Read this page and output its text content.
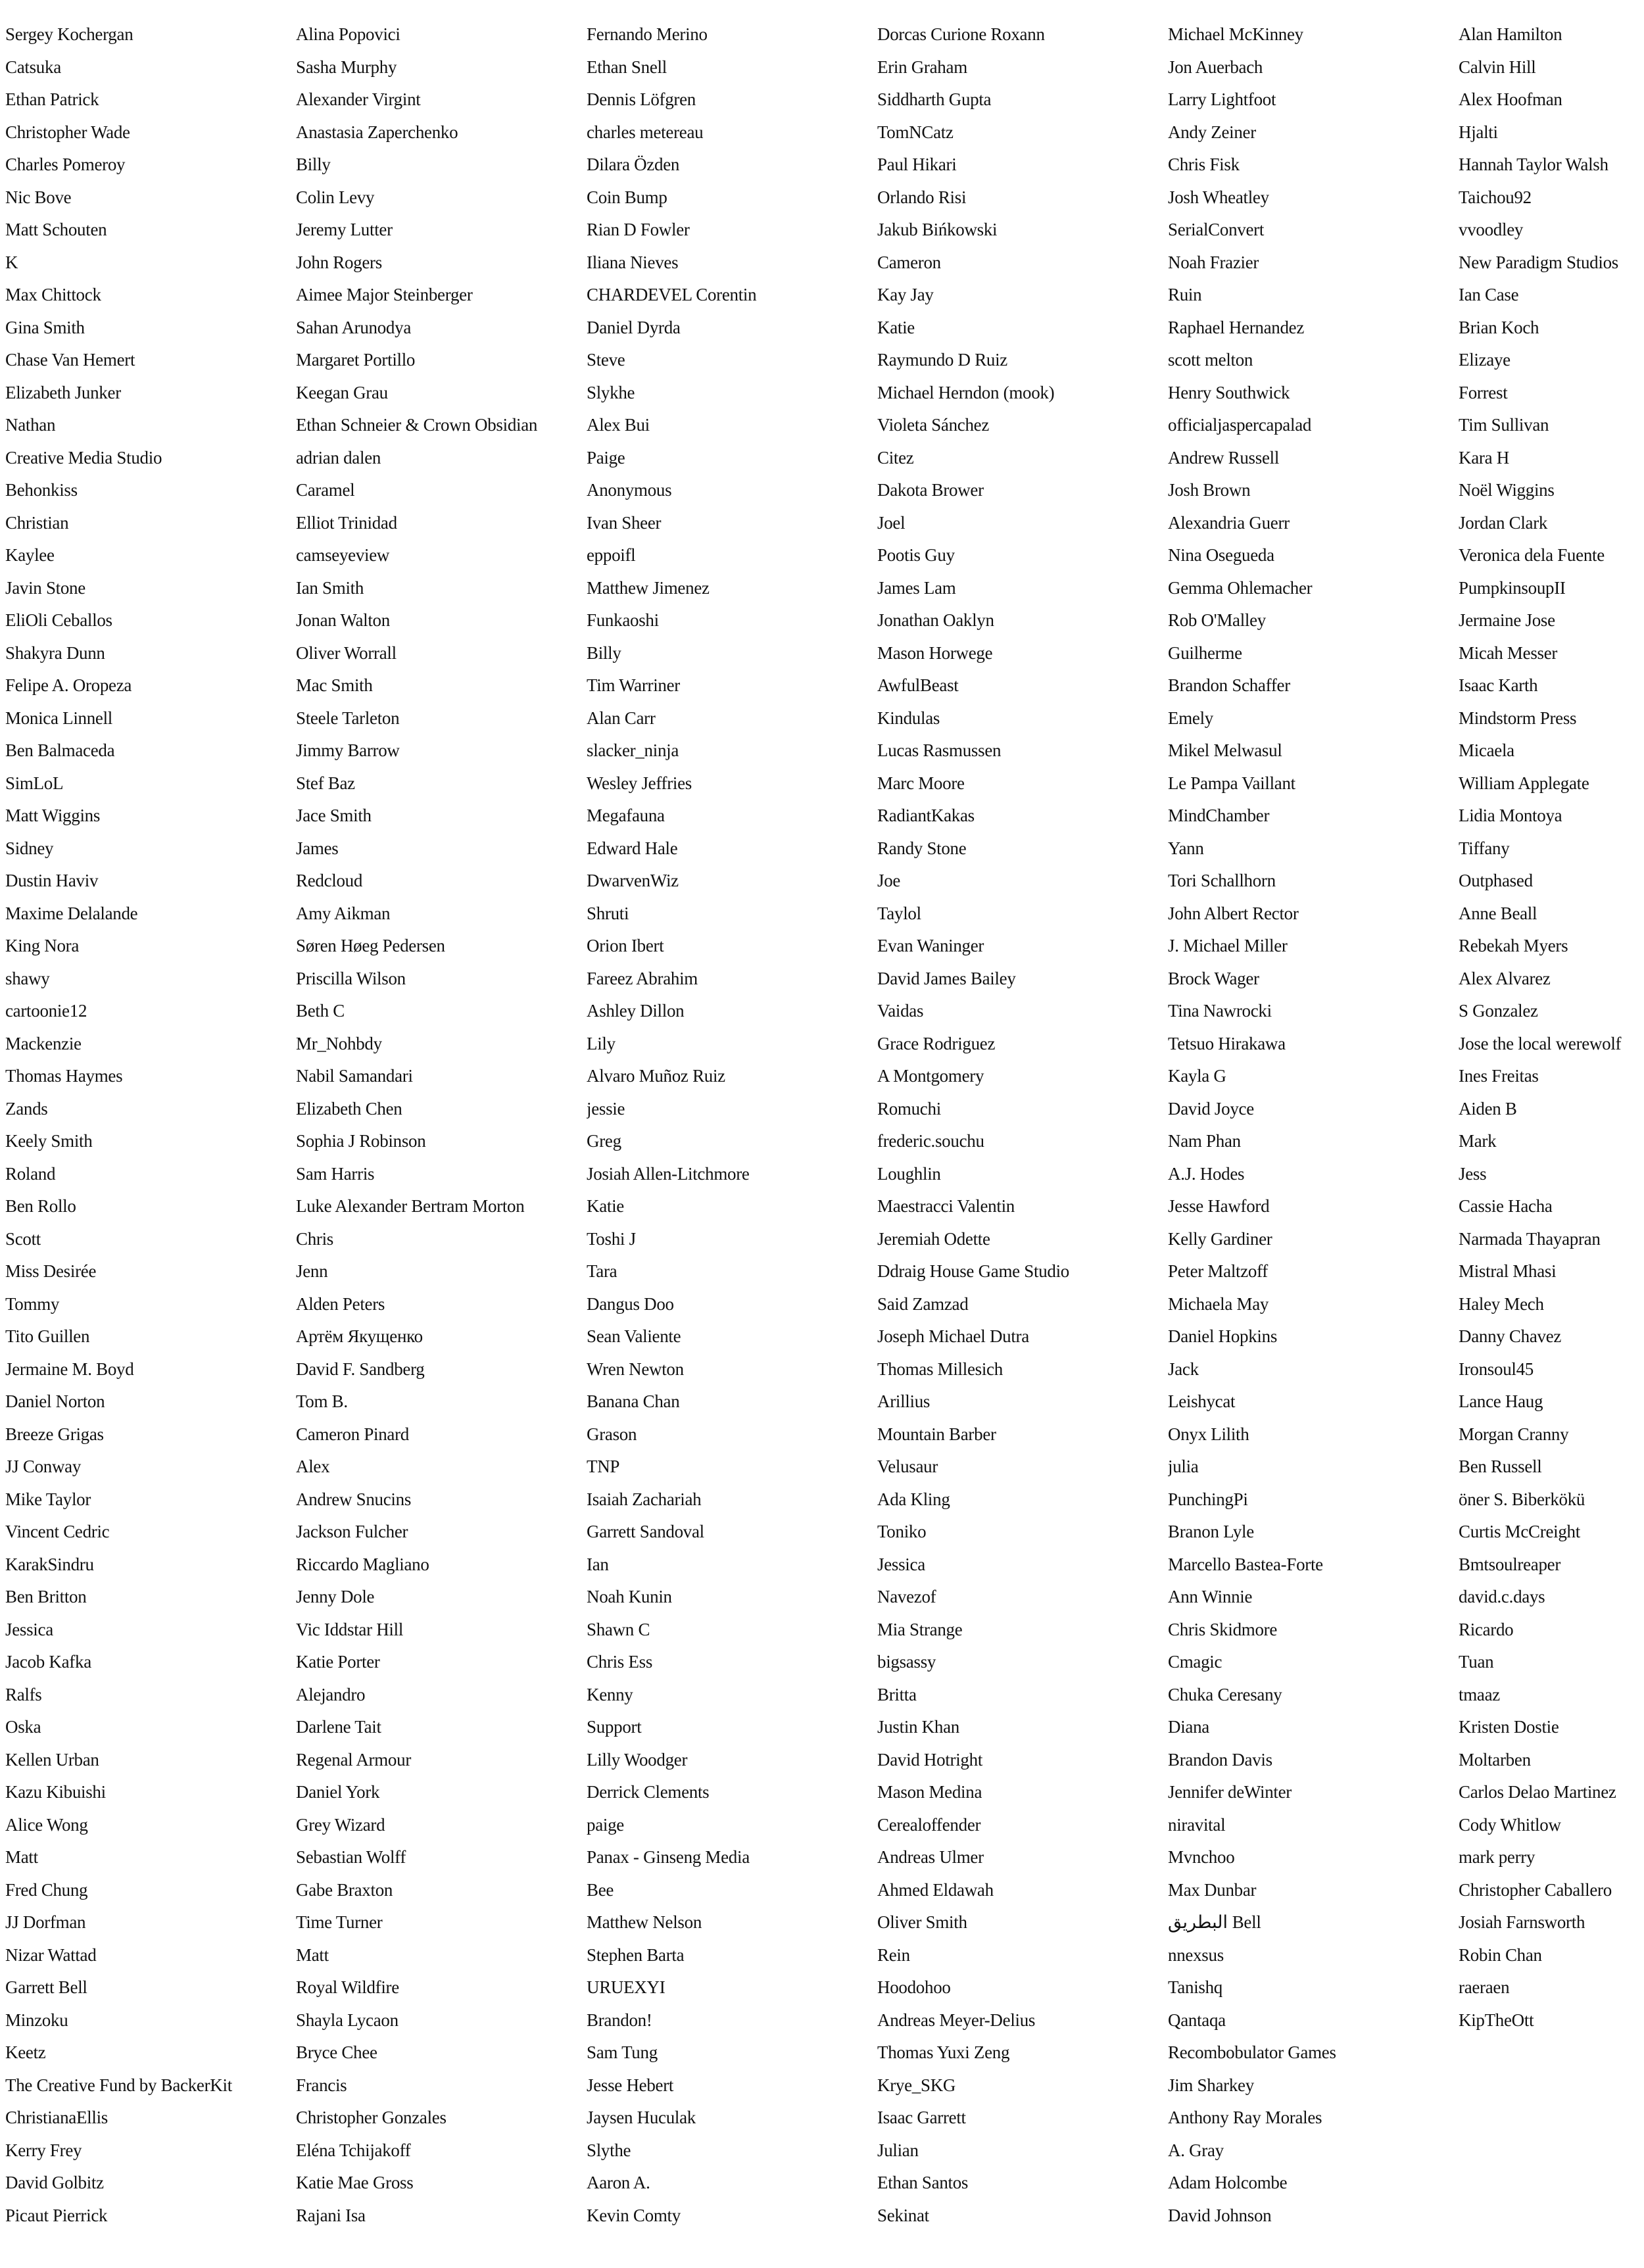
Sergey Kochergan
Catsuka
Ethan Patrick
Christopher Wade
Charles Pomeroy
Nic Bove
Matt Schouten
K
Max Chittock
Gina Smith
Chase Van Hemert
Elizabeth Junker
Nathan
Creative Media Studio
Behonkiss
Christian
Kaylee
Javin Stone
EliOli Ceballos
Shakyra Dunn
Felipe A. Oropeza
Monica Linnell
Ben Balmaceda
SimLoL
Matt Wiggins
Sidney
Dustin Haviv
Maxime Delalande
King Nora
shawy
cartoonie12
Mackenzie
Thomas Haymes
Zands
Keely Smith
Roland
Ben Rollo
Scott
Miss Desirée
Tommy
Tito Guillen
Jermaine M. Boyd
Daniel Norton
Breeze Grigas
JJ Conway
Mike Taylor
Vincent Cedric
KarakSindru
Ben Britton
Jessica
Jacob Kafka
Ralfs
Oska
Kellen Urban
Kazu Kibuishi
Alice Wong
Matt
Fred Chung
JJ Dorfman
Nizar Wattad
Garrett Bell
Minzoku
Keetz
The Creative Fund by BackerKit
ChristianaEllis
Kerry Frey
David Golbitz
Picaut Pierrick
Alina Popovici
Sasha Murphy
Alexander Virgint
Anastasia Zaperchenko
Billy
Colin Levy
Jeremy Lutter
John Rogers
Aimee Major Steinberger
Sahan Arunodya
Margaret Portillo
Keegan Grau
Ethan Schneier & Crown Obsidian
adrian dalen
Caramel
Elliot Trinidad
camseyeview
Ian Smith
Jonan Walton
Oliver Worrall
Mac Smith
Steele Tarleton
Jimmy Barrow
Stef Baz
Jace Smith
James
Redcloud
Amy Aikman
Søren Høeg Pedersen
Priscilla Wilson
Beth C
Mr_Nohbdy
Nabil Samandari
Elizabeth Chen
Sophia J Robinson
Sam Harris
Luke Alexander Bertram Morton
Chris
Jenn
Alden Peters
Артём Якущенко
David F. Sandberg
Tom B.
Cameron Pinard
Alex
Andrew Snucins
Jackson Fulcher
Riccardo Magliano
Jenny Dole
Vic Iddstar Hill
Katie Porter
Alejandro
Darlene Tait
Regenal Armour
Daniel York
Grey Wizard
Sebastian Wolff
Gabe Braxton
Time Turner
Matt
Royal Wildfire
Shayla Lycaon
Bryce Chee
Francis
Christopher Gonzales
Eléna Tchijakoff
Katie Mae Gross
Rajani Isa
Fernando Merino
Ethan Snell
Dennis Löfgren
charles metereau
Dilara Özden
Coin Bump
Rian D Fowler
Iliana Nieves
CHARDEVEL Corentin
Daniel Dyrda
Steve
Slykhe
Alex Bui
Paige
Anonymous
Ivan Sheer
eppoifl
Matthew Jimenez
Funkaoshi
Billy
Tim Warriner
Alan Carr
slacker_ninja
Wesley Jeffries
Megafauna
Edward Hale
DwarvenWiz
Shruti
Orion Ibert
Fareez Abrahim
Ashley Dillon
Lily
Alvaro Muñoz Ruiz
jessie
Greg
Josiah Allen-Litchmore
Katie
Toshi J
Tara
Dangus Doo
Sean Valiente
Wren Newton
Banana Chan
Grason
TNP
Isaiah Zachariah
Garrett Sandoval
Ian
Noah Kunin
Shawn C
Chris Ess
Kenny
Support
Lilly Woodger
Derrick Clements
paige
Panax - Ginseng Media
Bee
Matthew Nelson
Stephen Barta
URUEXYI
Brandon!
Sam Tung
Jesse Hebert
Jaysen Huculak
Slythe
Aaron A.
Kevin Comty
Dorcas Curione Roxann
Erin Graham
Siddharth Gupta
TomNCatz
Paul Hikari
Orlando Risi
Jakub Bińkowski
Cameron
Kay Jay
Katie
Raymundo D Ruiz
Michael Herndon (mook)
Violeta Sánchez
Citez
Dakota Brower
Joel
Pootis Guy
James Lam
Jonathan Oaklyn
Mason Horwege
AwfulBeast
Kindulas
Lucas Rasmussen
Marc Moore
RadiantKakas
Randy Stone
Joe
Taylol
Evan Waninger
David James Bailey
Vaidas
Grace Rodriguez
A Montgomery
Romuchi
frederic.souchu
Loughlin
Maestracci Valentin
Jeremiah Odette
Ddraig House Game Studio
Said Zamzad
Joseph Michael Dutra
Thomas Millesich
Arillius
Mountain Barber
Velusaur
Ada Kling
Toniko
Jessica
Navezof
Mia Strange
bigsassy
Britta
Justin Khan
David Hotright
Mason Medina
Cerealoffender
Andreas Ulmer
Ahmed Eldawah
Oliver Smith
Rein
Hoodohoo
Andreas Meyer-Delius
Thomas Yuxi Zeng
Krye_SKG
Isaac Garrett
Julian
Ethan Santos
Sekinat
Michael McKinney
Jon Auerbach
Larry Lightfoot
Andy Zeiner
Chris Fisk
Josh Wheatley
SerialConvert
Noah Frazier
Ruin
Raphael Hernandez
scott melton
Henry Southwick
officialjaspercapalad
Andrew Russell
Josh Brown
Alexandria Guerr
Nina Osegueda
Gemma Ohlemacher
Rob O'Malley
Guilherme
Brandon Schaffer
Emely
Mikel Melwasul
Le Pampa Vaillant
MindChamber
Yann
Tori Schallhorn
John Albert Rector
J. Michael Miller
Brock Wager
Tina Nawrocki
Tetsuo Hirakawa
Kayla G
David Joyce
Nam Phan
A.J. Hodes
Jesse Hawford
Kelly Gardiner
Peter Maltzoff
Michaela May
Daniel Hopkins
Jack
Leishycat
Onyx Lilith
julia
PunchingPi
Branon Lyle
Marcello Bastea-Forte
Ann Winnie
Chris Skidmore
Cmagic
Chuka Ceresany
Diana
Brandon Davis
Jennifer deWinter
niravital
Mvnchoo
Max Dunbar
البطريق Bell
nnexsus
Tanishq
Qantaqa
Recombobulator Games
Jim Sharkey
Anthony Ray Morales
A. Gray
Adam Holcombe
David Johnson
Alan Hamilton
Calvin Hill
Alex Hoofman
Hjalti
Hannah Taylor Walsh
Taichou92
vvoodley
New Paradigm Studios
Ian Case
Brian Koch
Elizaye
Forrest
Tim Sullivan
Kara H
Noël Wiggins
Jordan Clark
Veronica dela Fuente
PumpkinsoupII
Jermaine Jose
Micah Messer
Isaac Karth
Mindstorm Press
Micaela
William Applegate
Lidia Montoya
Tiffany
Outphased
Anne Beall
Rebekah Myers
Alex Alvarez
S Gonzalez
Jose the local werewolf
Ines Freitas
Aiden B
Mark
Jess
Cassie Hacha
Narmada Thayapran
Mistral Mhasi
Haley Mech
Danny Chavez
Ironsoul45
Lance Haug
Morgan Cranny
Ben Russell
öner S. Biberkökü
Curtis McCreight
Bmtsoulreaper
david.c.days
Ricardo
Tuan
tmaaz
Kristen Dostie
Moltarben
Carlos Delao Martinez
Cody Whitlow
mark perry
Christopher Caballero
Josiah Farnsworth
Robin Chan
raeraen
KipTheOtt
